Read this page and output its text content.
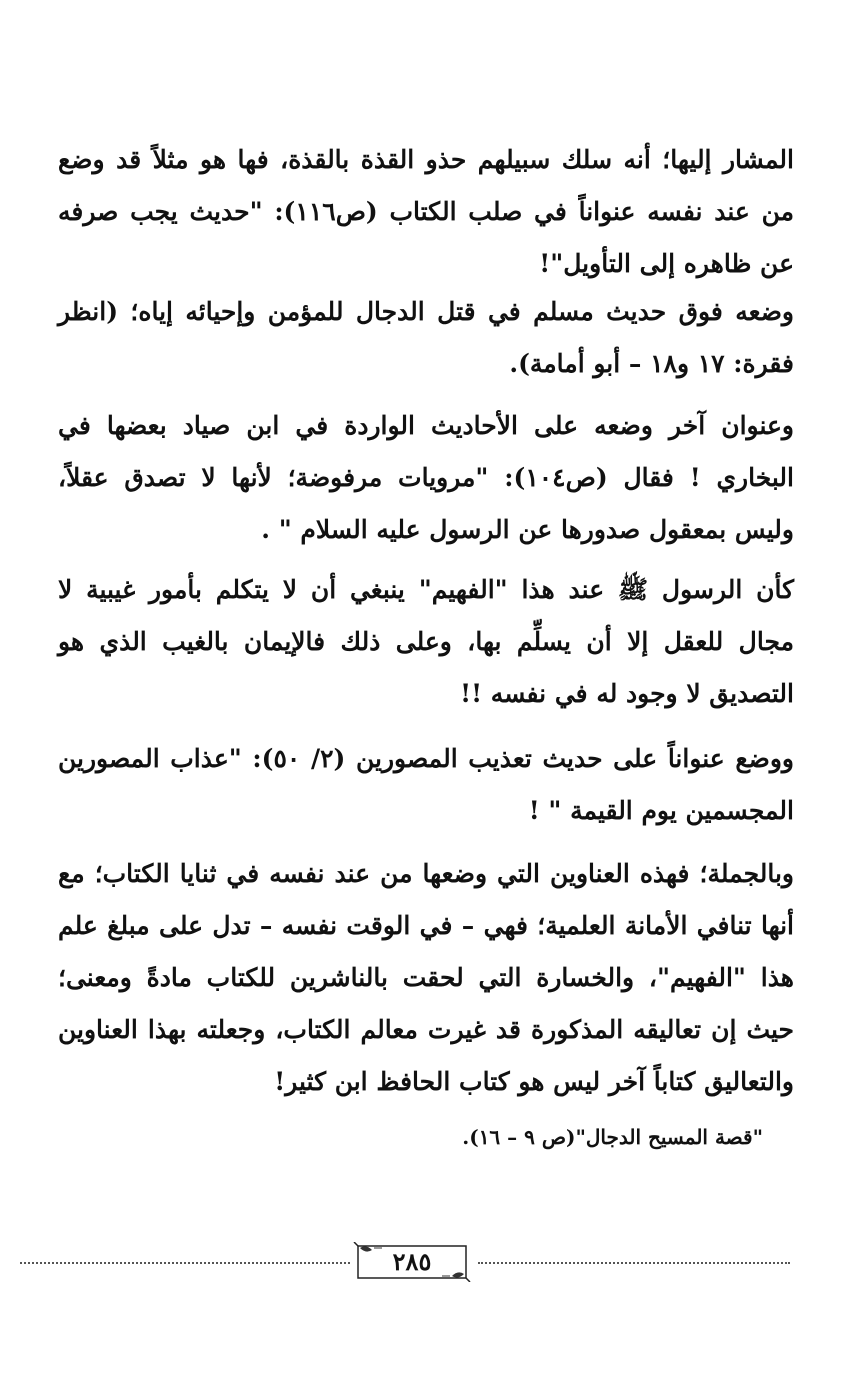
المشار إليها؛ أنه سلك سبيلهم حذو القذة بالقذة، فها هو مثلاً قد وضع من عند نفسه عنواناً في صلب الكتاب (ص١١٦): "حديث يجب صرفه عن ظاهره إلى التأويل"!

وضعه فوق حديث مسلم في قتل الدجال للمؤمن وإحيائه إياه؛ (انظر فقرة: ١٧ و١٨ – أبو أمامة).

وعنوان آخر وضعه على الأحاديث الواردة في ابن صياد بعضها في البخاري ! فقال (ص١٠٤): "مرويات مرفوضة؛ لأنها لا تصدق عقلاً، وليس بمعقول صدورها عن الرسول عليه السلام " .

كأن الرسول ﷺ عند هذا "الفهيم" ينبغي أن لا يتكلم بأمور غيبية لا مجال للعقل إلا أن يسلِّم بها، وعلى ذلك فالإيمان بالغيب الذي هو التصديق لا وجود له في نفسه !!

ووضع عنواناً على حديث تعذيب المصورين (٢/ ٥٠): "عذاب المصورين المجسمين يوم القيمة " !

وبالجملة؛ فهذه العناوين التي وضعها من عند نفسه في ثنايا الكتاب؛ مع أنها تنافي الأمانة العلمية؛ فهي – في الوقت نفسه – تدل على مبلغ علم هذا "الفهيم"، والخسارة التي لحقت بالناشرين للكتاب مادةً ومعنى؛ حيث إن تعاليقه المذكورة قد غيرت معالم الكتاب، وجعلته بهذا العناوين والتعاليق كتاباً آخر ليس هو كتاب الحافظ ابن كثير!

"قصة المسيح الدجال"(ص ٩ – ١٦).
٢٨٥
